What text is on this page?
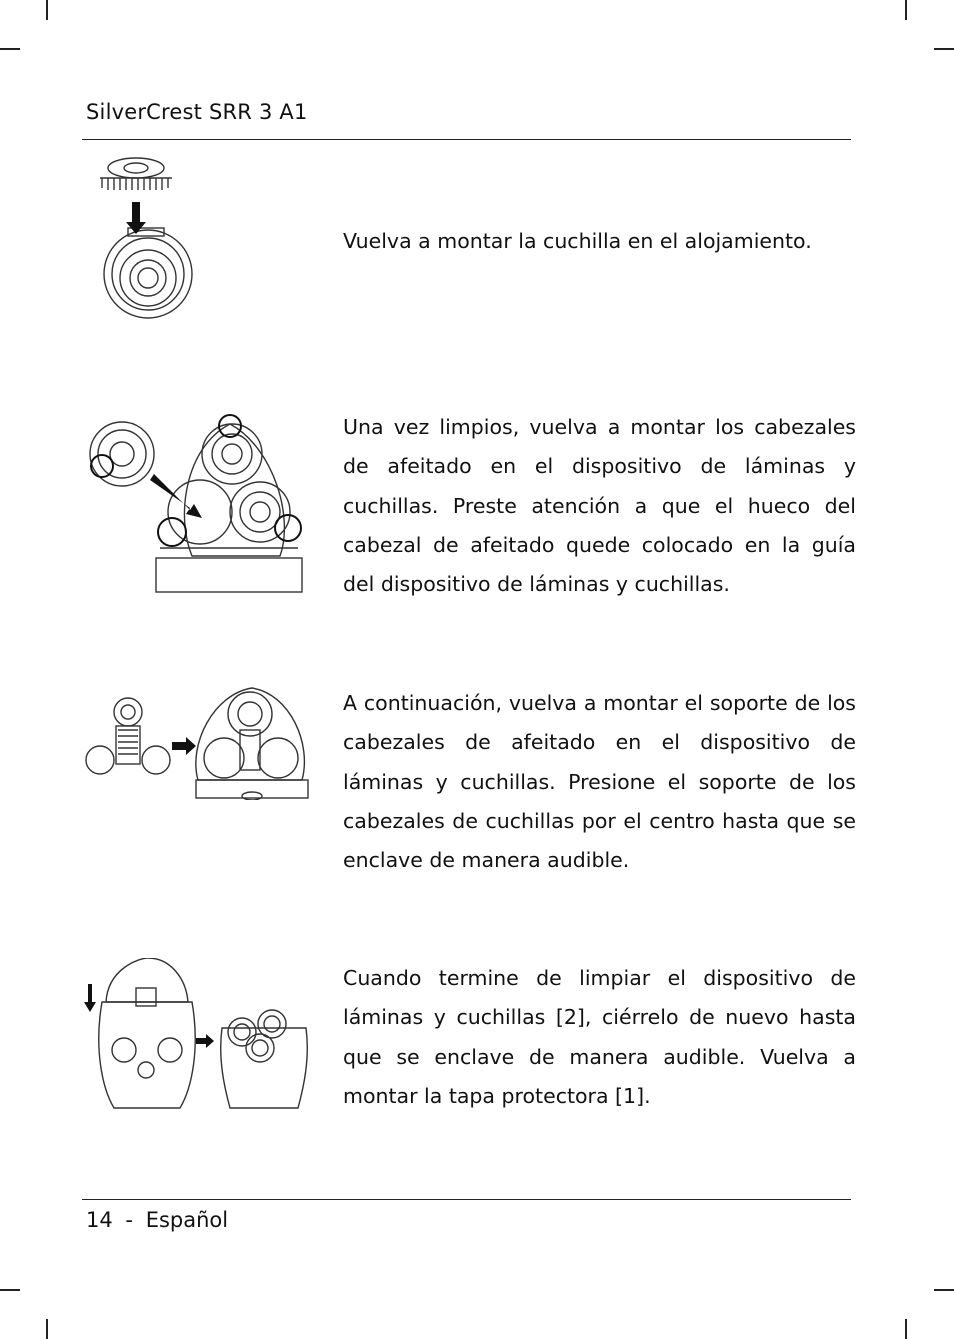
SilverCrest SRR 3 A1
Vuelva a montar la cuchilla en el alojamiento.
Una vez limpios, vuelva a montar los cabezales de afeitado en el dispositivo de láminas y cuchillas. Preste atención a que el hueco del cabezal de afeitado quede colocado en la guía del dispositivo de láminas y cuchillas.
A continuación, vuelva a montar el soporte de los cabezales de afeitado en el dispositivo de láminas y cuchillas. Presione el soporte de los cabezales de cuchillas por el centro hasta que se enclave de manera audible.
Cuando termine de limpiar el dispositivo de láminas y cuchillas [2], ciérrelo de nuevo hasta que se enclave de manera audible. Vuelva a montar la tapa protectora [1].
14 - Español
